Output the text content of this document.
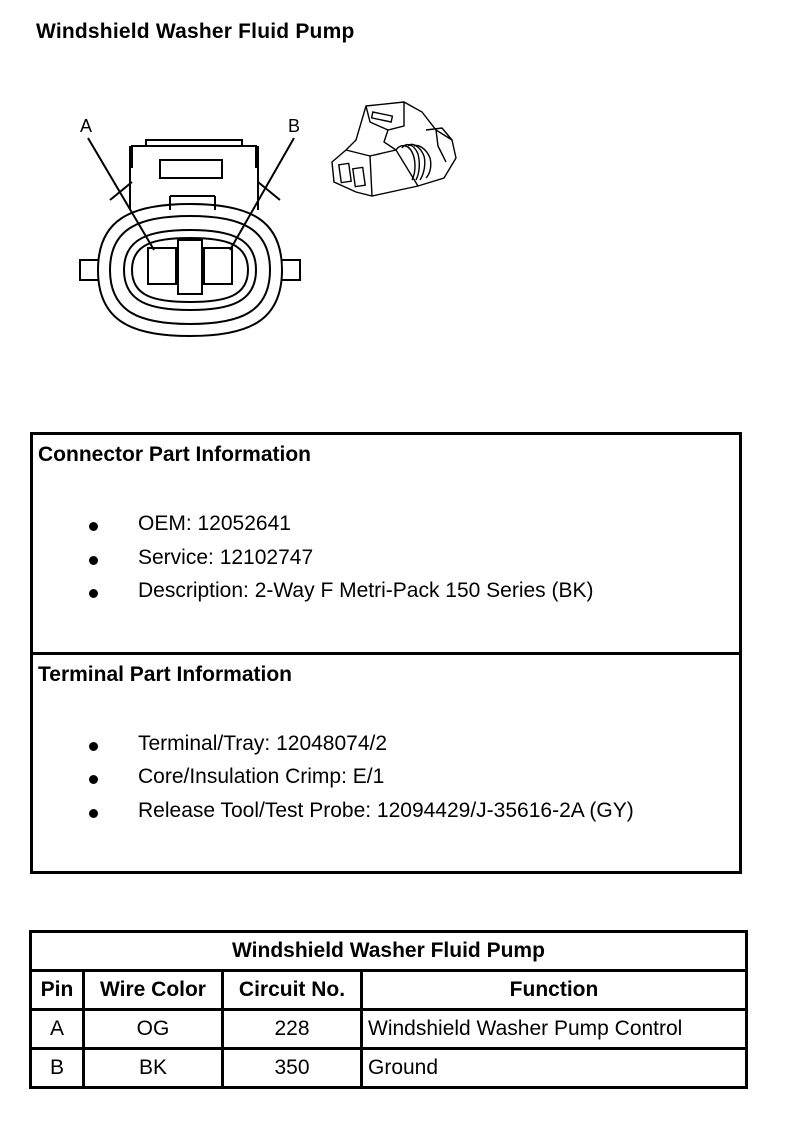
Windshield Washer Fluid Pump
A	B
Connector Part Information
OEM: 12052641
Service: 12102747
Description: 2-Way F Metri-Pack 150 Series (BK)
Terminal Part Information
Terminal/Tray: 12048074/2
Core/Insulation Crimp: E/1
Release Tool/Test Probe: 12094429/J-35616-2A (GY)
Windshield Washer Fluid Pump			
Pin	Wire Color	Circuit No.	Function
A	OG	228	Windshield Washer Pump Control
B	BK	350	Ground
